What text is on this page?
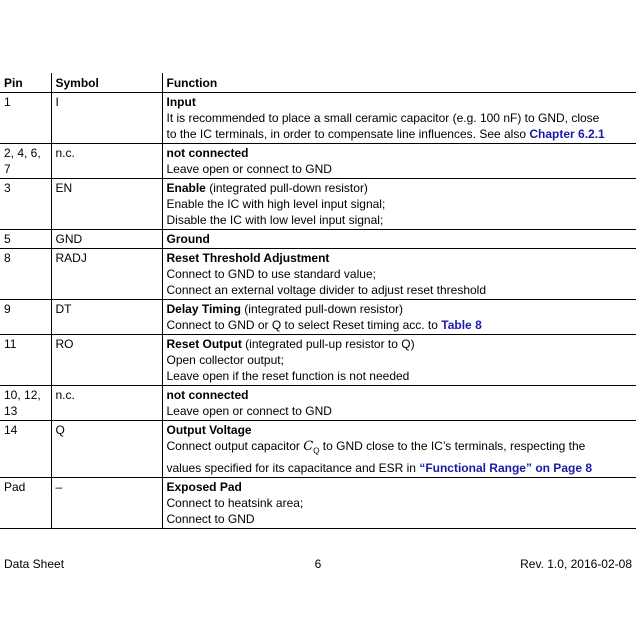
Pin	Symbol	Function
1	I	Input
It is recommended to place a small ceramic capacitor (e.g. 100 nF) to GND, close
to the IC terminals, in order to compensate line influences. See also Chapter 6.2.1

2, 4, 6,
7	n.c.	not connected
Leave open or connect to GND

3	EN	Enable (integrated pull-down resistor)
Enable the IC with high level input signal;
Disable the IC with low level input signal;

5	GND	Ground

8	RADJ	Reset Threshold Adjustment
Connect to GND to use standard value;
Connect an external voltage divider to adjust reset threshold

9	DT	Delay Timing (integrated pull-down resistor)
Connect to GND or Q to select Reset timing acc. to Table 8

11	RO	Reset Output (integrated pull-up resistor to Q)
Open collector output;
Leave open if the reset function is not needed

10, 12,
13	n.c.	not connected
Leave open or connect to GND

14	Q	Output Voltage
Connect output capacitor $C_Q$ to GND close to the IC’s terminals, respecting the
values specified for its capacitance and ESR in “Functional Range” on Page 8

Pad	–	Exposed Pad
Connect to heatsink area;
Connect to GND
Data Sheet	6	Rev. 1.0, 2016-02-08
